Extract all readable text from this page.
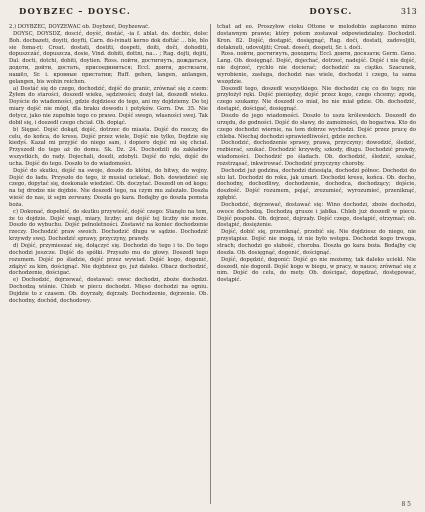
DOYBZEC – DOYSC.	DOYSC.	313

2.) DOYBZEC, DOYZEWAC ob. Doybzeč, Doybzewač.

DOYSC, DOYSDZ, doscić, doyść, dostáć, -ia f. ablat. do. docbic, dolsc Boh. docbazeti, doyiti, doyfti, Carn. do-ivinati kerno dok doftáć ... ble, blo sie foma-ri; Croat. dostati, dostiti, dospeti, doiti, doči, dohoditi, dopuszczáć, dopuszcza, dosie, Vind. dobiti, dottni, na... ; Rag. dojti, dojiti, Dal. docti, dotchi, dobiti, doytien. Ross. пойти, достигнуть, дождаться, додоти, дойти, достать, присоединиться; Eccl. доити, достизати, нашёл, Sr. i. кровные пристатии; Ruff. gehen, langen, anlangen, gelangen, bis wohin reichen.

a) Dostáć się do czego, dochodzić, dojść do granic, zrównać się z czem: Żyłem do starości, doszedł wieku, sędziwości; dożył lat, doszedł wieku. Doyście do wiadomości, gdzie dojdziesz do tego, ani my dojdziemy. Do tej miary dojść nie mógł, dla braku dowodu i potyków. Gorn. Dw. 35. Nie dotycz, jako nie zupełnie tego co prawo. Dojść swego, własności swej. Tak dobił się, i doszedł czego chciał. Ob. dopiąć.

b) Sięgać. Dojść dokąd, dojść, dotrzec do miasta. Dojść do rzeczy, do celu, do końca, do kresu. Dojść przez wiele, Dojść nie tylko, Dojdzie się kiedyś. Kazał mi przyjść do niego sam, i dopiero dojść mi się chciał. Przyszedł do tego aż do domu. Sk. Dz. 24. Dochodzili do zakładów wszystkich, do rady. Dojechali, doszli, zdobyli. Dojść do ręki, dojść do ucha. Dojść do tego. Doszło to do wiadomości.

Dojść do skutku, dojść na swoje, doszło do kłótni, do bitwy, do wojny. Dojść do ładu. Przyszło do tego, iż musiał uciekać. Boh. dowiedzieć się czego, dopytać się, doskonale wiedzieć. Ob. doczytać. Doszedł on od kogo; na tej drodze nie dojdzie. Nie doszedł tego, na czym mu zależało. Doszła wieść do nas, iż sejm zerwany. Doszła go kara. Bodajby go doszła pomsta boża.

c) Dokonać, dopełnić, do skutku przywieść, dojść czego: Stanęło na tem, że to dojdzie. Dojść wagi, miary, liczby; ani dojść tej liczby nie może. Doszło do wybuchu. Dojść pełnoletności. Zostawić na koniec dochodzenie rzeczy. Dochodzić praw swoich. Dochodzić długu w sądzie. Dochodzić krzywdy swej. Dochodzić sprawy, przyczyny, prawdy.

d) Dojść, przymieszać się, dołączyć się. Dochodzi do tego i to. Do tego dochodzi jeszcze. Dojść do spółki. Przyszło mu do głowy. Doszedł tego rozumem. Dojść po śladzie, dojść przez wywiad. Dojść kogo, dogonić, zdążyć za kim, doścignąć. Nie dojdziesz go, już daleko. Obacz dochodzić, dochodzenie, dościgać.

e) Dochodzić, dojrzewać, dostawać: owoc dochodzi, zboże dochodzi. Dochodzą wiśnie. Chleb w piecu dochodzi. Mięso dochodzi na ogniu. Dojdzie to z czasem. Ob. doyrzały, dojrzały. Dochodzenie, dojrzenie. Ob. dochodny, dochód, dochodowy.

tchat ad eo. Proszyłow cioku Ottone w melodobio zapłacono mimo dostawnym prawie; który potem zostawał odpowiedzialny. Dochodził. Kron. 82. Dojść, dostąpić, dosięgnąć, Rag. doći, dostati, zadovoljiti, dotaknuti, udovoljiti; Croat. doseći, dospeti, Sr. i. doći.

Ross. пойти, достигнуть, доходить; Eccl. доити, досязати; Germ. Geno. Lang. Ob. dosięgnąć. Dojść, dojechać, dotrzeć, nadejść. Dojść i nie dojść, nie dojrzeć, rychło nie docierać; dochodzić za ciężko. Szacunek, wyrobienie, zasługa, dochodzi nas wiele, dochodzi i czego, ta sama wszędzie.

Doszedł tego, doszedł wszystkiego. Nie dochodzi cię co do tego; nie przyłożył ręki. Dojść pieniędzy, dojść przez kogo, czego chcemy; zgodę, czego szukamy. Nie doszedł co miał, bo nie miał gdzie. Ob. dochodzić, dostąpić, dościgać, dosięgnąć.

Doszło do jego wiadomości. Doszło to uszu królewskich. Doszedł do urzędu, do godności. Dojść do sławy, do zamożności, do bogactwa. Kto do czego dochodzi wiernie, na tem dobrze wychodzi. Dojść przez pracę do chleba. Niechaj dochodzi sprawiedliwości, gdzie zechce.

Dochodzić, dochodzenie sprawy, prawa, przyczyny; dowodzić, śledzić, rozbierać, szukać. Dochodzić krzywdy, szkody, długu. Dochodzić prawdy, wiadomości. Dochodzić po śladach. Ob. dochodzić, śledzić, szukać, rozstrząsać, inkwirować. Dochodzić przyczyny choroby.

Dochodzi już godzina, dochodzi dziesiąta, dochodzi północ. Dochodzi do stu lat. Dochodzi do roku, jak umarł. Dochodzi kresu, końca. Ob. docho, dochodny, dochodliwy, dochodzenie, dochodca, dochodzący; dojście, doszłość. Dojść rozumem, pojąć, zrozumieć, wyrozumieć, przeniknąć, zgłębić.

Dochodzić, dojrzewać, dostawać się: Wino dochodzi, zboże dochodzi, owoce dochodzą. Dochodzą grusze i jabłka. Chleb już doszedł w piecu. Dojść pospołu. Ob. dojrzeć, dojrzały. Dojść czego, dostąpić, otrzymać; ob. dostąpić, dosiężenie.

Dojść, dobić się, przeniknąć, przebić się. Nie dojdziesz do niego, nie przystąpisz. Dojść nie mogą, iż nie było wstępu. Dochodzi kogo trwoga, strach; dochodzi go słabość, choroba. Doszła go kara boża. Bodajby cię doszła. Ob. dosięgnąć, dogonić, doścignąć.

Dojść, dopędzić, dogonić: Dojść go nie możemy, tak daleko uciekł. Nie doszedł, nie dogonił. Dojść kogo w biegu, w pracy, w nauce; zrównać się z nim. Dojść do celu, do mety. Ob. dościgać, dopędzać, dostępować, dostąpić.

8 5
